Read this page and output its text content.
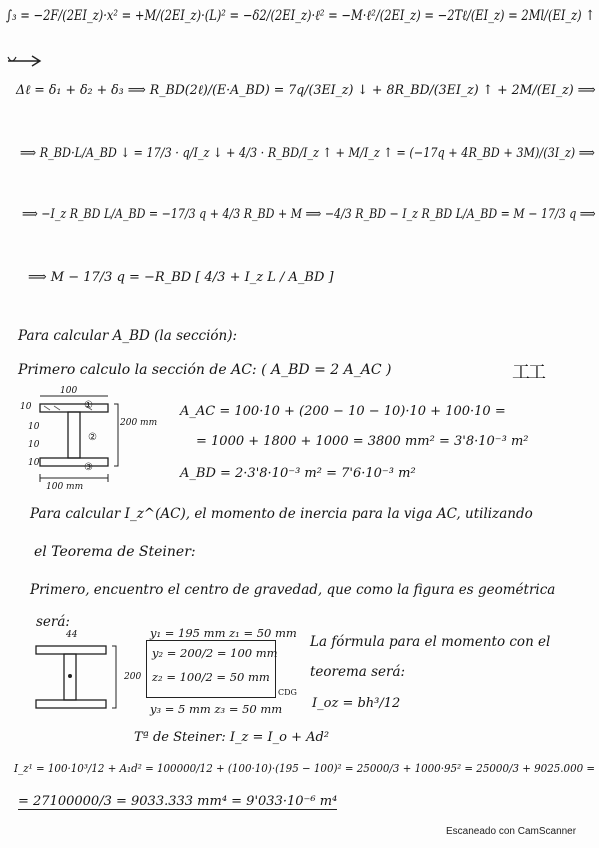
∫₃ = −2F/(2EI_z)·x² = +M/(2EI_z)·(L)² = −δ2/(2EI_z)·ℓ² = −M·ℓ²/(2EI_z) = −2Tℓ/(EI_z) = 2Ml/(EI_z) ↑
Δℓ = δ₁ + δ₂ + δ₃ ⟹ R_BD(2ℓ)/(E·A_BD) = 7q/(3EI_z) ↓ + 8R_BD/(3EI_z) ↑ + 2M/(EI_z) ⟹
⟹ R_BD·L/A_BD ↓ = 17/3 · q/I_z ↓ + 4/3 · R_BD/I_z ↑ + M/I_z ↑ = (−17q + 4R_BD + 3M)/(3I_z) ⟹
⟹ −I_z R_BD L/A_BD = −17/3 q + 4/3 R_BD + M ⟹ −4/3 R_BD − I_z R_BD L/A_BD = M − 17/3 q ⟹
⟹ M − 17/3 q = −R_BD [ 4/3 + I_z L / A_BD ]
Para calcular A_BD (la sección):
Primero calculo la sección de AC: ( A_BD = 2 A_AC )	工工
100
200 mm
100 mm
10
10
10
10
①
②
③
A_AC = 100·10 + (200 − 10 − 10)·10 + 100·10 =
= 1000 + 1800 + 1000 = 3800 mm² = 3'8·10⁻³ m²
A_BD = 2·3'8·10⁻³ m² = 7'6·10⁻³ m²
Para calcular I_z^(AC), el momento de inercia para la viga AC, utilizando
el Teorema de Steiner:
Primero, encuentro el centro de gravedad, que como la figura es geométrica
será:
44
200
y₁ = 195 mm z₁ = 50 mm
y₂ = 200/2 = 100 mm
z₂ = 100/2 = 50 mm
CDG
y₃ = 5 mm z₃ = 50 mm
La fórmula para el momento con el
teorema será:
I_oz = bh³/12
Tª de Steiner: I_z = I_o + Ad²
I_z¹ = 100·10³/12 + A₁d² = 100000/12 + (100·10)·(195 − 100)² = 25000/3 + 1000·95² = 25000/3 + 9025.000 =
= 27100000/3 = 9033.333 mm⁴ = 9'033·10⁻⁶ m⁴
Escaneado con CamScanner
